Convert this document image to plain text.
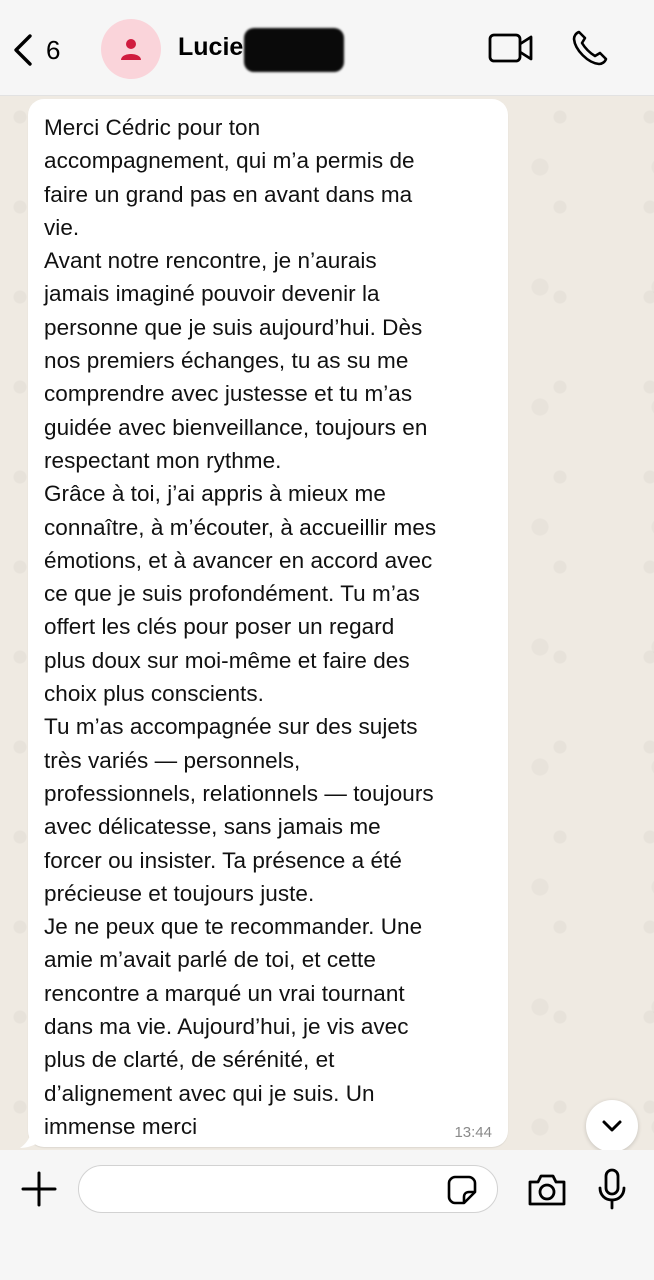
6	Lucie
Merci Cédric pour ton
accompagnement, qui m’a permis de
faire un grand pas en avant dans ma
vie.
Avant notre rencontre, je n’aurais
jamais imaginé pouvoir devenir la
personne que je suis aujourd’hui. Dès
nos premiers échanges, tu as su me
comprendre avec justesse et tu m’as
guidée avec bienveillance, toujours en
respectant mon rythme.
Grâce à toi, j’ai appris à mieux me
connaître, à m’écouter, à accueillir mes
émotions, et à avancer en accord avec
ce que je suis profondément. Tu m’as
offert les clés pour poser un regard
plus doux sur moi-même et faire des
choix plus conscients.
Tu m’as accompagnée sur des sujets
très variés — personnels,
professionnels, relationnels — toujours
avec délicatesse, sans jamais me
forcer ou insister. Ta présence a été
précieuse et toujours juste.
Je ne peux que te recommander. Une
amie m’avait parlé de toi, et cette
rencontre a marqué un vrai tournant
dans ma vie. Aujourd’hui, je vis avec
plus de clarté, de sérénité, et
d’alignement avec qui je suis. Un
immense merci	13:44
